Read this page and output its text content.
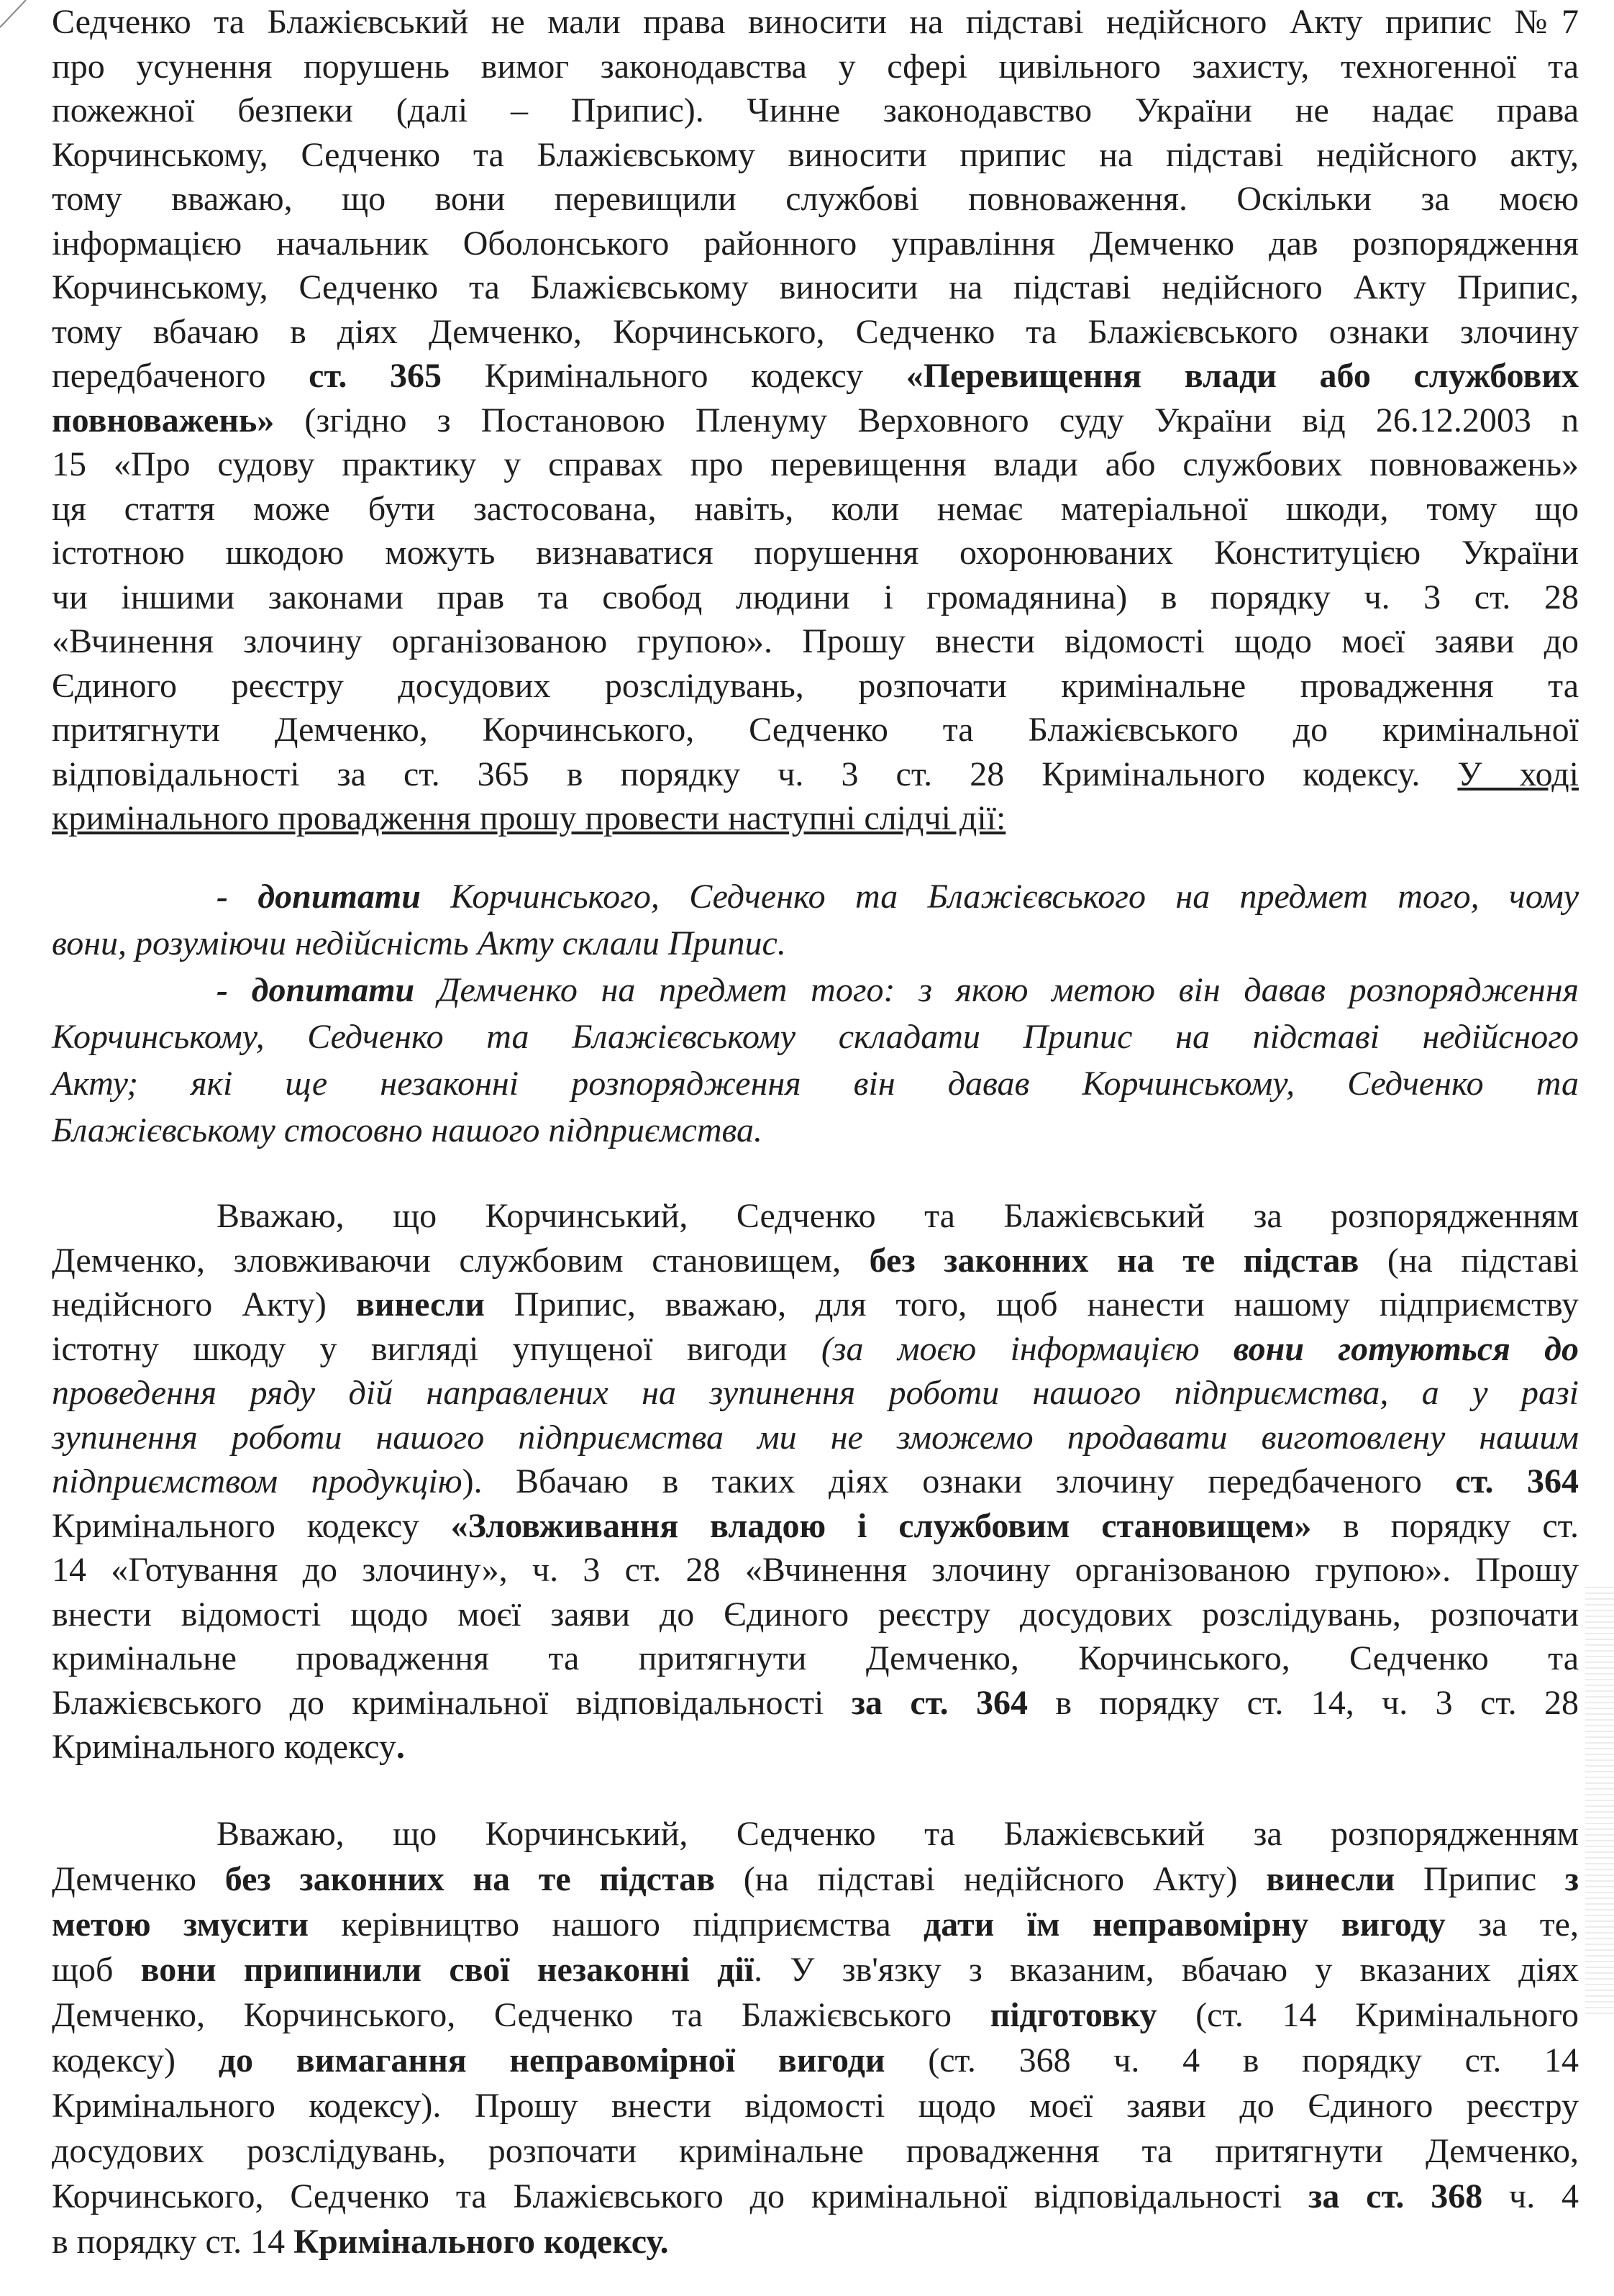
Седченко та Блажієвський не мали права виносити на підставі недійсного Акту припис №7
про усунення порушень вимог законодавства у сфері цивільного захисту, техногенної та
пожежної безпеки (далі – Припис). Чинне законодавство України не надає права
Корчинському, Седченко та Блажієвському виносити припис на підставі недійсного акту,
тому вважаю, що вони перевищили службові повноваження. Оскільки за моєю
інформацією начальник Оболонського районного управління Демченко дав розпорядження
Корчинському, Седченко та Блажієвському виносити на підставі недійсного Акту Припис,
тому вбачаю в діях Демченко, Корчинського, Седченко та Блажієвського ознаки злочину
передбаченого ст. 365 Кримінального кодексу «Перевищення влади або службових
повноважень» (згідно з Постановою Пленуму Верховного суду України від 26.12.2003 n
15 «Про судову практику у справах про перевищення влади або службових повноважень»
ця стаття може бути застосована, навіть, коли немає матеріальної шкоди, тому що
істотною шкодою можуть визнаватися порушення охоронюваних Конституцією України
чи іншими законами прав та свобод людини і громадянина) в порядку ч. 3 ст. 28
«Вчинення злочину організованою групою». Прошу внести відомості щодо моєї заяви до
Єдиного реєстру досудових розслідувань, розпочати кримінальне провадження та
притягнути Демченко, Корчинського, Седченко та Блажієвського до кримінальної
відповідальності за ст. 365 в порядку ч. 3 ст. 28 Кримінального кодексу. У ході
кримінального провадження прошу провести наступні слідчі дії:
- допитати Корчинського, Седченко та Блажієвського на предмет того, чому
вони, розуміючи недійсність Акту склали Припис.
- допитати Демченко на предмет того: з якою метою він давав розпорядження
Корчинському, Седченко та Блажієвському складати Припис на підставі недійсного
Акту; які ще незаконні розпорядження він давав Корчинському, Седченко та
Блажієвському стосовно нашого підприємства.
Вважаю, що Корчинський, Седченко та Блажієвський за розпорядженням
Демченко, зловживаючи службовим становищем, без законних на те підстав (на підставі
недійсного Акту) винесли Припис, вважаю, для того, щоб нанести нашому підприємству
істотну шкоду у вигляді упущеної вигоди (за моєю інформацією вони готуються до
проведення ряду дій направлених на зупинення роботи нашого підприємства, а у разі
зупинення роботи нашого підприємства ми не зможемо продавати виготовлену нашим
підприємством продукцію). Вбачаю в таких діях ознаки злочину передбаченого ст. 364
Кримінального кодексу «Зловживання владою і службовим становищем» в порядку ст.
14 «Готування до злочину», ч. 3 ст. 28 «Вчинення злочину організованою групою». Прошу
внести відомості щодо моєї заяви до Єдиного реєстру досудових розслідувань, розпочати
кримінальне провадження та притягнути Демченко, Корчинського, Седченко та
Блажієвського до кримінальної відповідальності за ст. 364 в порядку ст. 14, ч. 3 ст. 28
Кримінального кодексу.
Вважаю, що Корчинський, Седченко та Блажієвський за розпорядженням
Демченко без законних на те підстав (на підставі недійсного Акту) винесли Припис з
метою змусити керівництво нашого підприємства дати їм неправомірну вигоду за те,
щоб вони припинили свої незаконні дії. У зв'язку з вказаним, вбачаю у вказаних діях
Демченко, Корчинського, Седченко та Блажієвського підготовку (ст. 14 Кримінального
кодексу) до вимагання неправомірної вигоди (ст. 368 ч. 4 в порядку ст. 14
Кримінального кодексу). Прошу внести відомості щодо моєї заяви до Єдиного реєстру
досудових розслідувань, розпочати кримінальне провадження та притягнути Демченко,
Корчинського, Седченко та Блажієвського до кримінальної відповідальності за ст. 368 ч. 4
в порядку ст. 14 Кримінального кодексу.
